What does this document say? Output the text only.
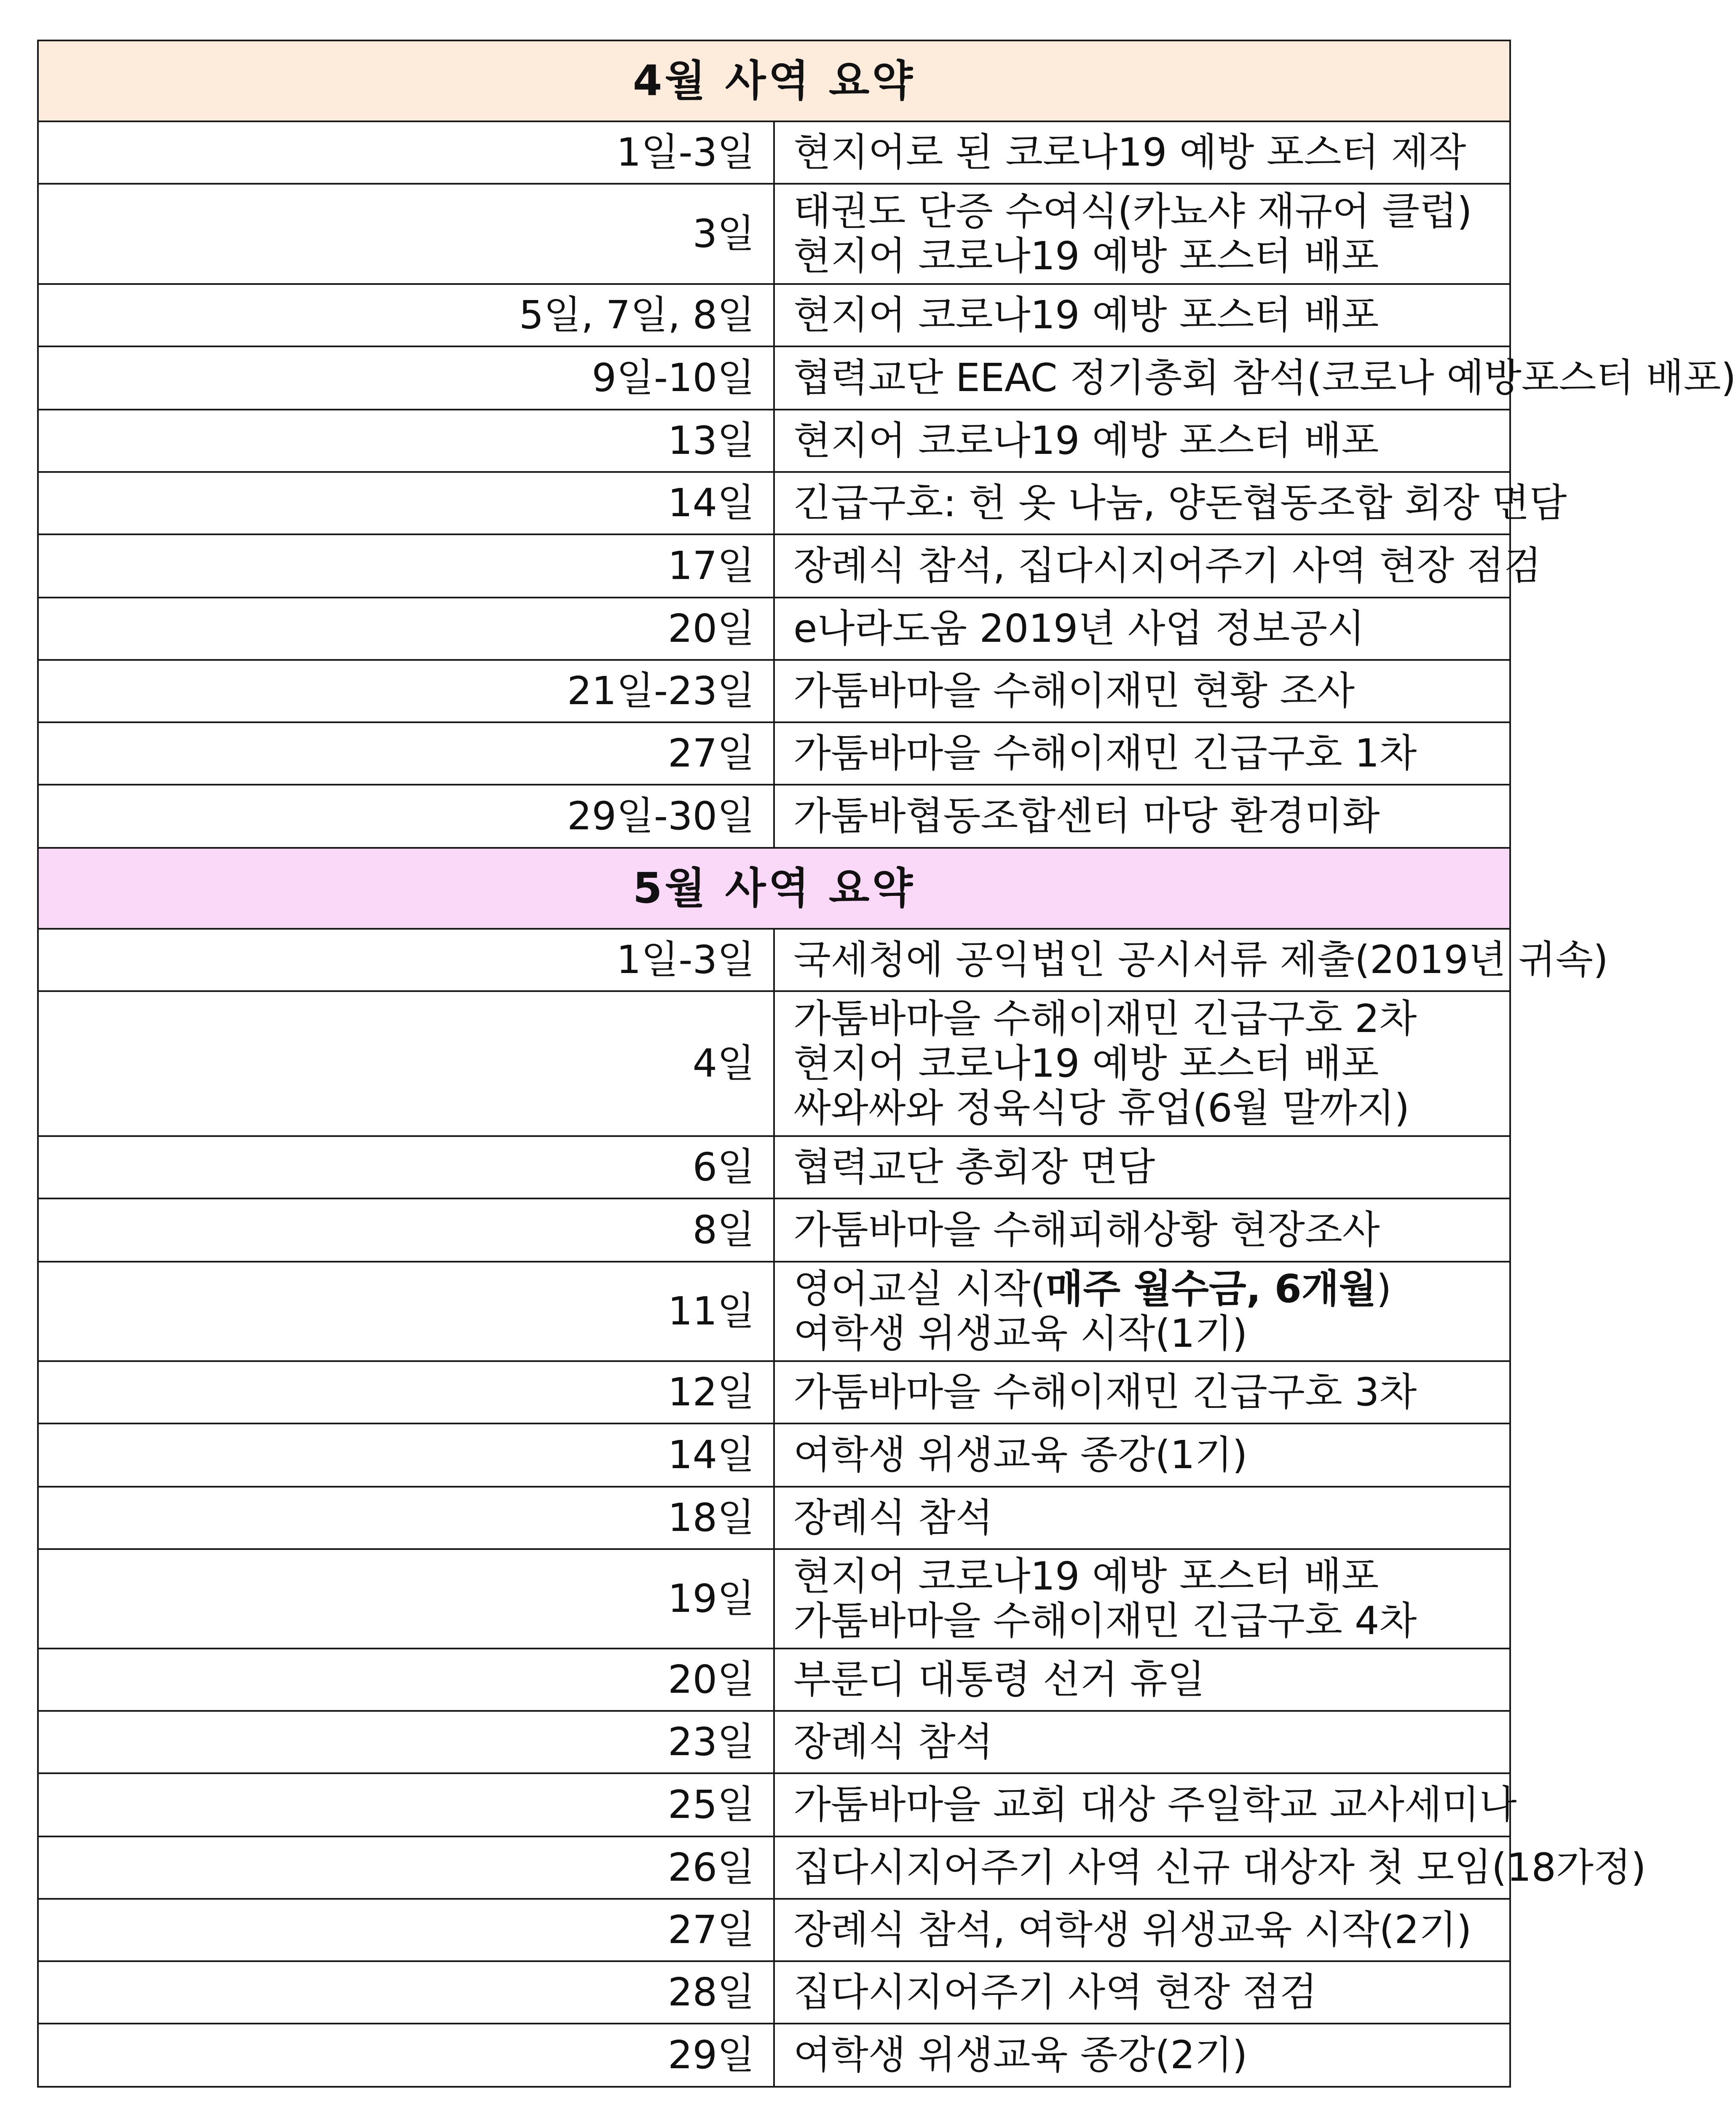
4월 사역 요약	
1일-3일	현지어로 된 코로나19 예방 포스터 제작

3일	태권도 단증 수여식(카뇨샤 재규어 클럽)
현지어 코로나19 예방 포스터 배포

5일, 7일, 8일	현지어 코로나19 예방 포스터 배포

9일-10일	협력교단 EEAC 정기총회 참석(코로나 예방포스터 배포)

13일	현지어 코로나19 예방 포스터 배포

14일	긴급구호: 헌 옷 나눔, 양돈협동조합 회장 면담

17일	장례식 참석, 집다시지어주기 사역 현장 점검

20일	e나라도움 2019년 사업 정보공시

21일-23일	가툼바마을 수해이재민 현황 조사

27일	가툼바마을 수해이재민 긴급구호 1차

29일-30일	가툼바협동조합센터 마당 환경미화

5월 사역 요약	
1일-3일	국세청에 공익법인 공시서류 제출(2019년 귀속)

4일	가툼바마을 수해이재민 긴급구호 2차
현지어 코로나19 예방 포스터 배포
싸와싸와 정육식당 휴업(6월 말까지)

6일	협력교단 총회장 면담

8일	가툼바마을 수해피해상황 현장조사

11일	영어교실 시작(매주 월수금, 6개월)
여학생 위생교육 시작(1기)

12일	가툼바마을 수해이재민 긴급구호 3차

14일	여학생 위생교육 종강(1기)

18일	장례식 참석

19일	현지어 코로나19 예방 포스터 배포
가툼바마을 수해이재민 긴급구호 4차

20일	부룬디 대통령 선거 휴일

23일	장례식 참석

25일	가툼바마을 교회 대상 주일학교 교사세미나

26일	집다시지어주기 사역 신규 대상자 첫 모임(18가정)

27일	장례식 참석, 여학생 위생교육 시작(2기)

28일	집다시지어주기 사역 현장 점검

29일	여학생 위생교육 종강(2기)
